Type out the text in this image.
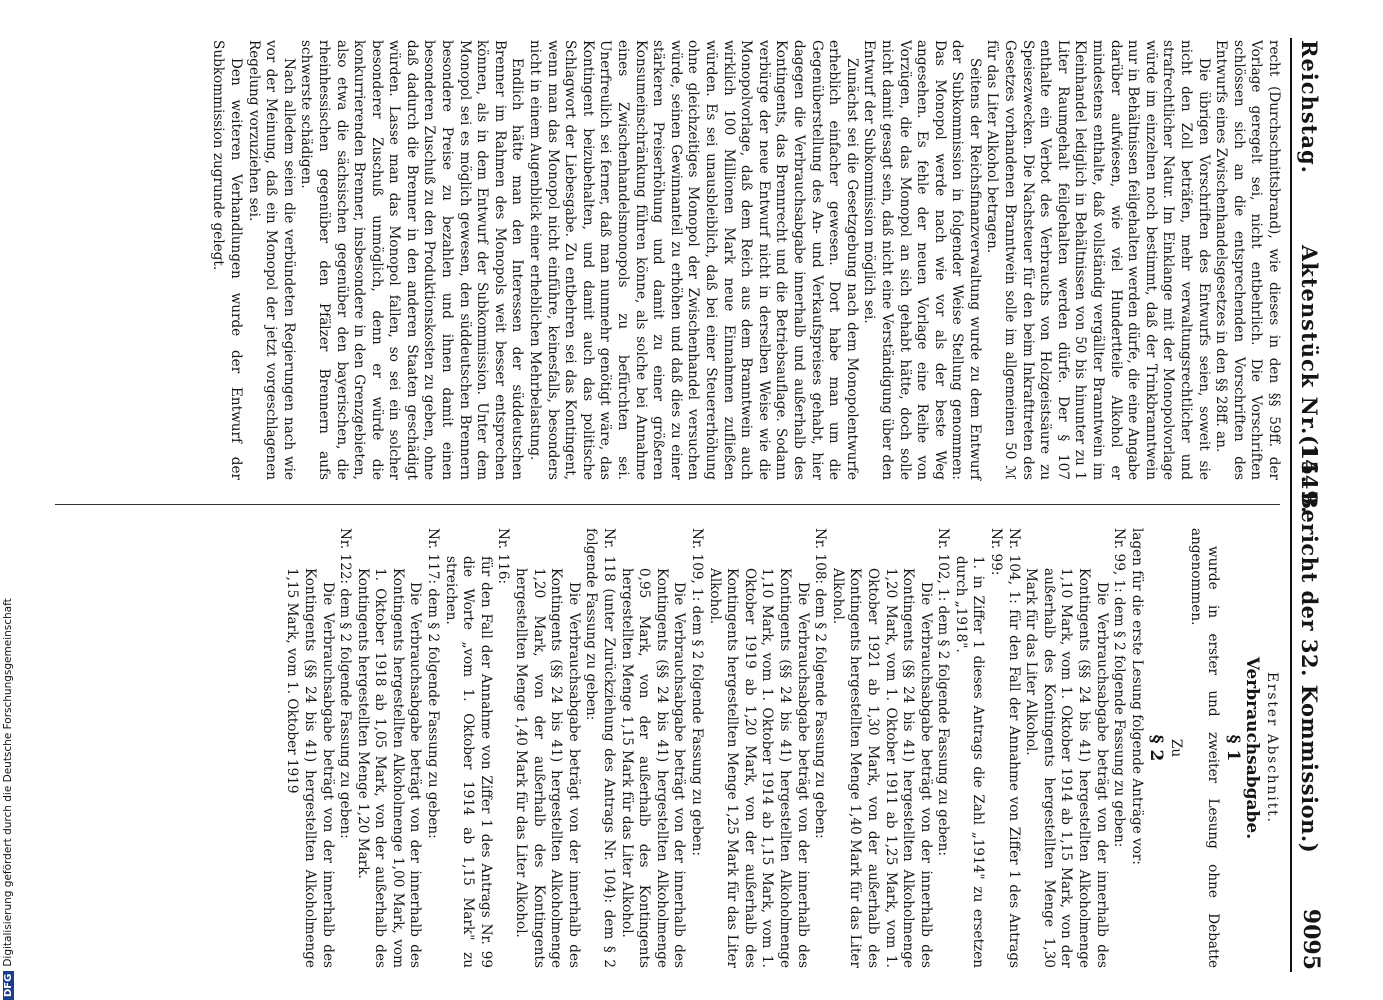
DFGDigitalisierung gefördert durch die Deutsche Forschungsgemeinschaft
Reichstag.
Aktenstück Nr. 1449.
(15. Bericht der 32. Kommission.)
9095

recht (Durchschnittsbrand), wie dieses in den §§ 59ff. der Vorlage geregelt sei, nicht entbehrlich. Die Vorschriften schlössen sich an die entsprechenden Vorschriften des Entwurfs eines Zwischenhandelsgesetzes in den §§ 28ff. an.

Die übrigen Vorschriften des Entwurfs seien, soweit sie nicht den Zoll beträfen, mehr verwaltungsrechtlicher und strafrechtlicher Natur. Im Einklange mit der Monopolvorlage würde im einzelnen noch bestimmt, daß der Trinkbranntwein nur in Behältnissen feilgehalten werden dürfe, die eine Angabe darüber aufwiesen, wie viel Hundertteile Alkohol er mindestens enthalte, daß vollständig vergällter Branntwein im Kleinhandel lediglich in Behältnissen von 50 bis hinunter zu 1 Liter Raumgehalt feilgehalten werden dürfe. Der § 107 enthalte ein Verbot des Verbrauchs von Holzgeistsäure zu Speisezwecken. Die Nachsteuer für den beim Inkrafttreten des Gesetzes vorhandenen Branntwein solle im allgemeinen 50 ℳ für das Liter Alkohol betragen.

Seitens der Reichsfinanzverwaltung wurde zu dem Entwurf der Subkommission in folgender Weise Stellung genommen: Das Monopol werde nach wie vor als der beste Weg angesehen. Es fehle der neuen Vorlage eine Reihe von Vorzügen, die das Monopol an sich gehabt hätte, doch solle nicht damit gesagt sein, daß nicht eine Verständigung über den Entwurf der Subkommission möglich sei.

Zunächst sei die Gesetzgebung nach dem Monopolentwurfe erheblich einfacher gewesen. Dort habe man um die Gegenüberstellung des An- und Verkaufspreises gehabt, hier dagegen die Verbrauchsabgabe innerhalb und außerhalb des Kontingents, das Brennrecht und die Betriebsauflage. Sodann verbürge der neue Entwurf nicht in derselben Weise wie die Monopolvorlage, daß dem Reich aus dem Branntwein auch wirklich 100 Millionen Mark neue Einnahmen zufließen würden. Es sei unausbleiblich, daß bei einer Steuererhöhung ohne gleichzeitiges Monopol der Zwischenhandel versuchen würde, seinen Gewinnanteil zu erhöhen und daß dies zu einer stärkeren Preiserhöhung und damit zu einer größeren Konsumeinschränkung führen könne, als solche bei Annahme eines Zwischenhandelsmonopols zu befürchten sei. Unerfreulich sei ferner, daß man nunmehr genötigt wäre, das Kontingent beizubehalten, und damit auch das politische Schlagwort der Liebesgabe. Zu entbehren sei das Kontingent, wenn man das Monopol nicht einführe, keinesfalls, besonders nicht in einem Augenblick einer erheblichen Mehrbelastung.

Endlich hätte man den Interessen der süddeutschen Brenner im Rahmen des Monopols weit besser entsprechen können, als in dem Entwurf der Subkommission. Unter dem Monopol sei es möglich gewesen, den süddeutschen Brennern besondere Preise zu bezahlen und ihnen damit einen besonderen Zuschuß zu den Produktionskosten zu geben, ohne daß dadurch die Brenner in den anderen Staaten geschädigt würden. Lasse man das Monopol fallen, so sei ein solcher besonderer Zuschuß unmöglich, denn er würde die konkurrierenden Brenner, insbesondere in den Grenzgebieten, also etwa die sächsischen gegenüber den bayerischen, die rheinhessischen gegenüber den Pfälzer Brennern aufs schwerste schädigen.

Nach alledem seien die verbündeten Regierungen nach wie vor der Meinung, daß ein Monopol der jetzt vorgeschlagenen Regelung vorzuziehen sei.

Den weiteren Verhandlungen wurde der Entwurf der Subkommission zugrunde gelegt.

Erster Abschnitt.

Verbrauchsabgabe.

§ 1

wurde in erster und zweiter Lesung ohne Debatte angenommen.

Zu

§ 2

lagen für die erste Lesung folgende Anträge vor:

Nr. 99, 1: dem § 2 folgende Fassung zu geben:

Die Verbrauchsabgabe beträgt von der innerhalb des Kontingents (§§ 24 bis 41) hergestellten Alkoholmenge 1,10 Mark, vom 1. Oktober 1914 ab 1,15 Mark, von der außerhalb des Kontingents hergestellten Menge 1,30 Mark für das Liter Alkohol.

Nr. 104, 1: für den Fall der Annahme von Ziffer 1 des Antrags Nr. 99:

1. in Ziffer 1 dieses Antrags die Zahl „1914" zu ersetzen durch „1918".

Nr. 102, 1: dem § 2 folgende Fassung zu geben:

Die Verbrauchsabgabe beträgt von der innerhalb des Kontingents (§§ 24 bis 41) hergestellten Alkoholmenge 1,20 Mark, vom 1. Oktober 1911 ab 1,25 Mark, vom 1. Oktober 1921 ab 1,30 Mark, von der außerhalb des Kontingents hergestellten Menge 1,40 Mark für das Liter Alkohol.

Nr. 108: dem § 2 folgende Fassung zu geben:

Die Verbrauchsabgabe beträgt von der innerhalb des Kontingents (§§ 24 bis 41) hergestellten Alkoholmenge 1,10 Mark, vom 1. Oktober 1914 ab 1,15 Mark, vom 1. Oktober 1919 ab 1,20 Mark, von der außerhalb des Kontingents hergestellten Menge 1,25 Mark für das Liter Alkohol.

Nr. 109, 1: dem § 2 folgende Fassung zu geben:

Die Verbrauchsabgabe beträgt von der innerhalb des Kontingents (§§ 24 bis 41) hergestellten Alkoholmenge 0,95 Mark, von der außerhalb des Kontingents hergestellten Menge 1,15 Mark für das Liter Alkohol.

Nr. 118 (unter Zurückziehung des Antrags Nr. 104): dem § 2 folgende Fassung zu geben:

Die Verbrauchsabgabe beträgt von der innerhalb des Kontingents (§§ 24 bis 41) hergestellten Alkoholmenge 1,20 Mark, von der außerhalb des Kontingents hergestellten Menge 1,40 Mark für das Liter Alkohol.

Nr. 116:

für den Fall der Annahme von Ziffer 1 des Antrags Nr. 99 die Worte „vom 1. Oktober 1914 ab 1,15 Mark" zu streichen.

Nr. 117: dem § 2 folgende Fassung zu geben:

Die Verbrauchsabgabe beträgt von der innerhalb des Kontingents hergestellten Alkoholmenge 1,00 Mark, vom 1. Oktober 1918 ab 1,05 Mark, von der außerhalb des Kontingents hergestellten Menge 1,20 Mark.

Nr. 122: dem § 2 folgende Fassung zu geben:

Die Verbrauchsabgabe beträgt von der innerhalb des Kontingents (§§ 24 bis 41) hergestellten Alkoholmenge 1,15 Mark, vom 1. Oktober 1919
